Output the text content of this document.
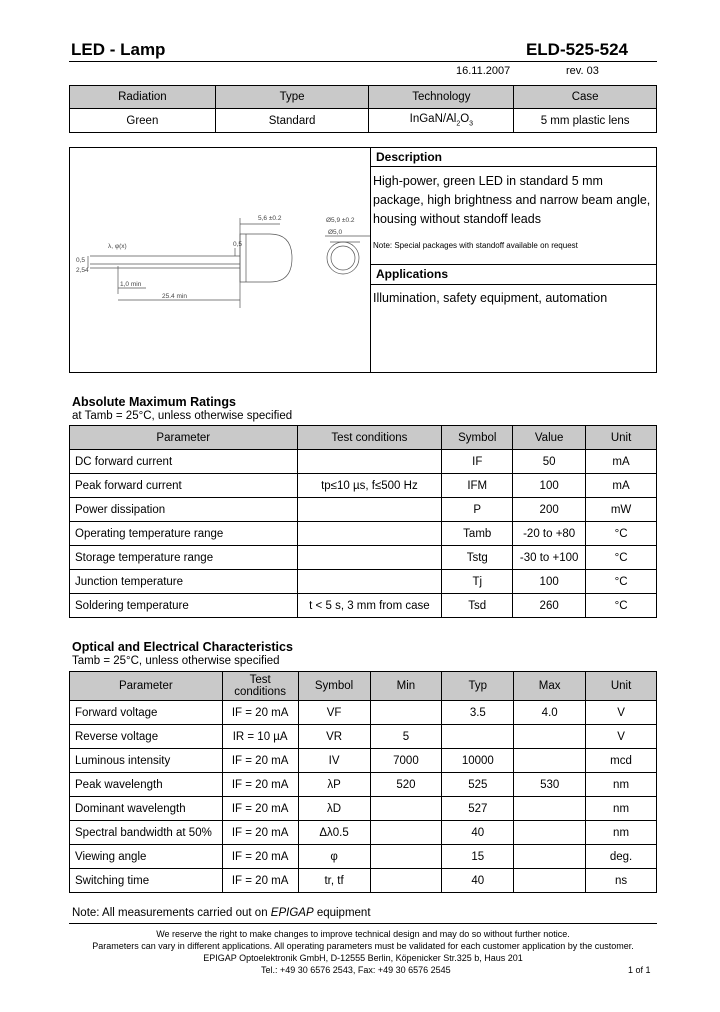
LED - Lamp	ELD-525-524
16.11.2007	rev. 03
Radiation	Type	Technology	Case
Green	Standard	InGaN/$Al_2O_3$	5 mm plastic lens
5,6 ±0.2	Ø5,9 ±0.2
Ø5,0
0,5
1,0 min
25.4 min
λ, φ(x)
0,5
2,54
Description
High-power, green LED in standard 5 mm package, high brightness and narrow beam angle, housing without standoff leads
Note: Special packages with standoff available on request
Applications
Illumination, safety equipment, automation
Absolute Maximum Ratings
at Tamb = 25°C, unless otherwise specified
Parameter	Test conditions	Symbol	Value	Unit
DC forward current		IF	50	mA
Peak forward current	tp≤10 µs, f≤500 Hz	IFM	100	mA
Power dissipation		P	200	mW
Operating temperature range		Tamb	-20 to +80	°C
Storage temperature range		Tstg	-30 to +100	°C
Junction temperature		Tj	100	°C
Soldering temperature	t < 5 s, 3 mm from case	Tsd	260	°C
Optical and Electrical Characteristics
Tamb = 25°C, unless otherwise specified
Parameter	Test conditions	Symbol	Min	Typ	Max	Unit
Forward voltage	IF = 20 mA	VF		3.5	4.0	V
Reverse voltage	IR = 10 µA	VR	5			V
Luminous intensity	IF = 20 mA	IV	7000	10000		mcd
Peak wavelength	IF = 20 mA	λP	520	525	530	nm
Dominant wavelength	IF = 20 mA	λD		527		nm
Spectral bandwidth at 50%	IF = 20 mA	Δλ0.5		40		nm
Viewing angle	IF = 20 mA	φ		15		deg.
Switching time	IF = 20 mA	tr, tf		40		ns
Note: All measurements carried out on EPIGAP equipment
We reserve the right to make changes to improve technical design and may do so without further notice.
Parameters can vary in different applications. All operating parameters must be validated for each customer application by the customer.
EPIGAP Optoelektronik GmbH, D-12555 Berlin, Köpenicker Str.325 b, Haus 201
Tel.: +49 30 6576 2543, Fax: +49 30 6576 2545	1 of 1
